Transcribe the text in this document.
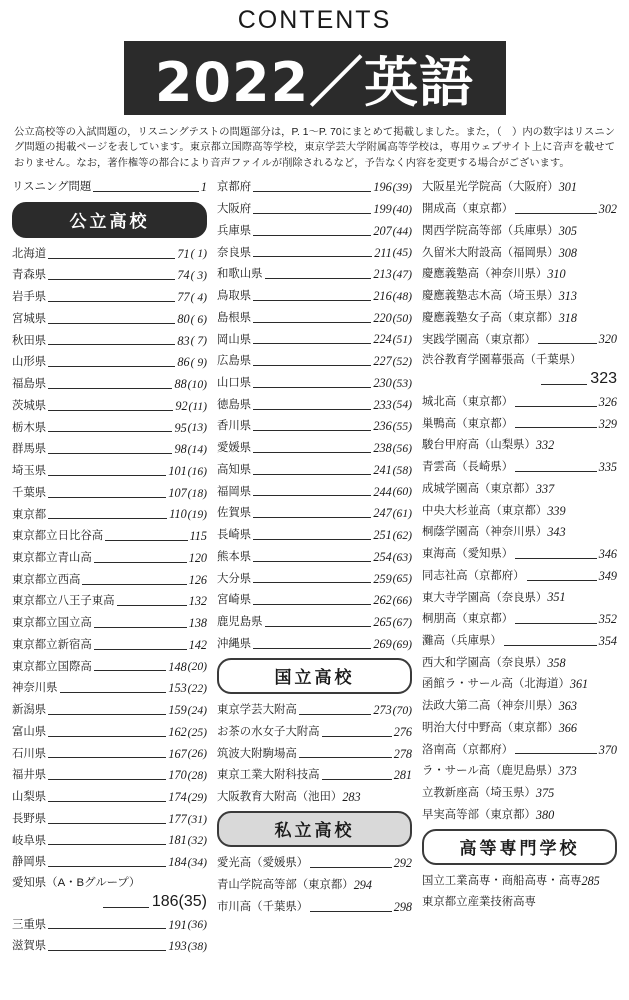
CONTENTS
2022／英語
公立高校等の入試問題の，リスニングテストの問題部分は，P. 1～P. 70にまとめて掲載しました。また，（　）内の数字はリスニング問題の掲載ページを表しています。東京都立国際高等学校，東京学芸大学附属高等学校は，専用ウェブサイト上に音声を載せておりません。なお，著作権等の都合により音声ファイルが削除されるなど，予告なく内容を変更する場合がございます。
リスニング問題	1
公立高校
北海道	71 ( 1)
青森県	74 ( 3)
岩手県	77 ( 4)
宮城県	80 ( 6)
秋田県	83 ( 7)
山形県	86 ( 9)
福島県	88 (10)
茨城県	92 (11)
栃木県	95 (13)
群馬県	98 (14)
埼玉県	101 (16)
千葉県	107 (18)
東京都	110 (19)
東京都立日比谷高	115
東京都立青山高	120
東京都立西高	126
東京都立八王子東高	132
東京都立国立高	138
東京都立新宿高	142
東京都立国際高	148 (20)
神奈川県	153 (22)
新潟県	159 (24)
富山県	162 (25)
石川県	167 (26)
福井県	170 (28)
山梨県	174 (29)
長野県	177 (31)
岐阜県	181 (32)
静岡県	184 (34)
愛知県（A・Bグループ）
186 (35)
三重県	191 (36)
滋賀県	193 (38)
京都府	196 (39)
大阪府	199 (40)
兵庫県	207 (44)
奈良県	211 (45)
和歌山県	213 (47)
鳥取県	216 (48)
島根県	220 (50)
岡山県	224 (51)
広島県	227 (52)
山口県	230 (53)
徳島県	233 (54)
香川県	236 (55)
愛媛県	238 (56)
高知県	241 (58)
福岡県	244 (60)
佐賀県	247 (61)
長崎県	251 (62)
熊本県	254 (63)
大分県	259 (65)
宮崎県	262 (66)
鹿児島県	265 (67)
沖縄県	269 (69)
国立高校
東京学芸大附高	273 (70)
お茶の水女子大附高	276
筑波大附駒場高	278
東京工業大附科技高	281
大阪教育大附高（池田） 283
私立高校
愛光高（愛媛県）	292
青山学院高等部（東京都） 294
市川高（千葉県）	298
大阪星光学院高（大阪府） 301
開成高（東京都）	302
関西学院高等部（兵庫県） 305
久留米大附設高（福岡県） 308
慶應義塾高（神奈川県） 310
慶應義塾志木高（埼玉県） 313
慶應義塾女子高（東京都） 318
実践学園高（東京都）	320
渋谷教育学園幕張高（千葉県）
323
城北高（東京都）	326
巣鴨高（東京都）	329
駿台甲府高（山梨県） 332
青雲高（長崎県）	335
成城学園高（東京都） 337
中央大杉並高（東京都） 339
桐蔭学園高（神奈川県） 343
東海高（愛知県）	346
同志社高（京都府）	349
東大寺学園高（奈良県） 351
桐朋高（東京都）	352
灘高（兵庫県）	354
西大和学園高（奈良県） 358
函館ラ・サール高（北海道） 361
法政大第二高（神奈川県） 363
明治大付中野高（東京都） 366
洛南高（京都府）	370
ラ・サール高（鹿児島県） 373
立教新座高（埼玉県） 375
早実高等部（東京都） 380
高等専門学校
国立工業高専・商船高専・高専 285
東京都立産業技術高専
